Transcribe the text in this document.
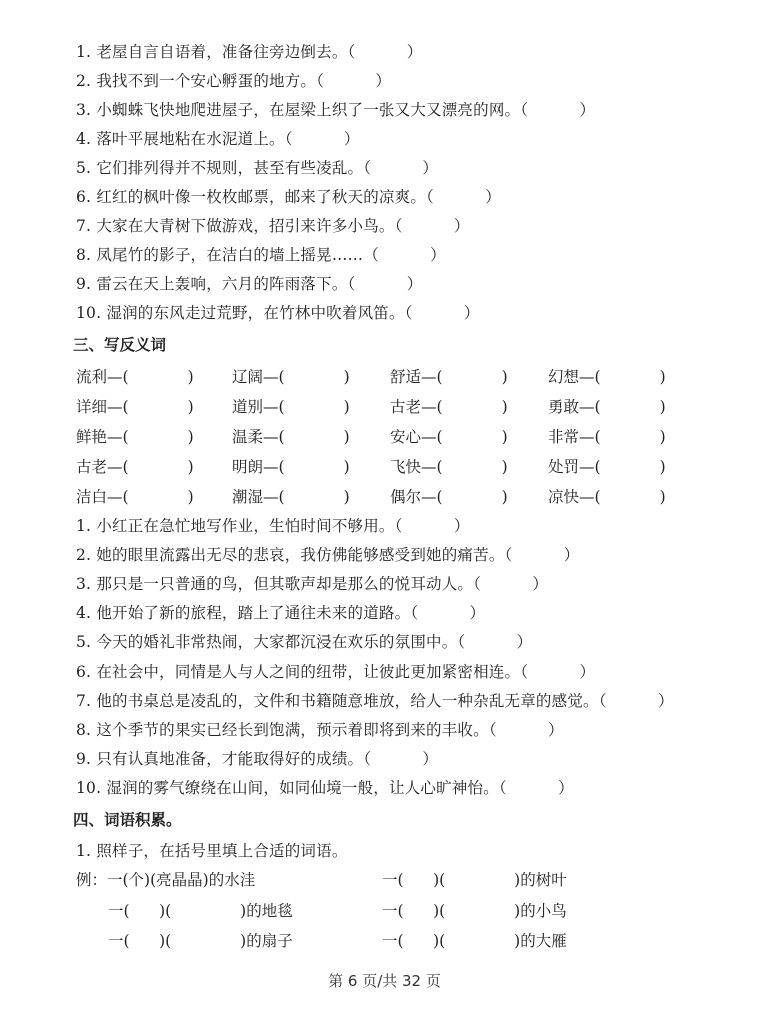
1. 老屋自言自语着，准备往旁边倒去。（          ）
2. 我找不到一个安心孵蛋的地方。（          ）
3. 小蜘蛛飞快地爬进屋子，在屋梁上织了一张又大又漂亮的网。（          ）
4. 落叶平展地粘在水泥道上。（          ）
5. 它们排列得并不规则，甚至有些凌乱。（          ）
6. 红红的枫叶像一枚枚邮票，邮来了秋天的凉爽。（          ）
7. 大家在大青树下做游戏，招引来许多小鸟。（          ）
8. 凤尾竹的影子，在洁白的墙上摇晃……（          ）
9. 雷云在天上轰响，六月的阵雨落下。（          ）
10. 湿润的东风走过荒野，在竹林中吹着风笛。（          ）
三、写反义词
流利—(            ) 辽阔—(            )	舒适—(            )	幻想—(            )
详细—(            ) 道别—(            )	古老—(            )	勇敢—(            )
鲜艳—(            ) 温柔—(            )	安心—(            )	非常—(            )
古老—(            ) 明朗—(            )	飞快—(            )	处罚—(            )
洁白—(            ) 潮湿—(            )	偶尔—(            )	凉快—(            )
1. 小红正在急忙地写作业，生怕时间不够用。（          ）
2. 她的眼里流露出无尽的悲哀，我仿佛能够感受到她的痛苦。（          ）
3. 那只是一只普通的鸟，但其歌声却是那么的悦耳动人。（          ）
4. 他开始了新的旅程，踏上了通往未来的道路。（          ）
5. 今天的婚礼非常热闹，大家都沉浸在欢乐的氛围中。（          ）
6. 在社会中，同情是人与人之间的纽带，让彼此更加紧密相连。（          ）
7. 他的书桌总是凌乱的，文件和书籍随意堆放，给人一种杂乱无章的感觉。（          ）
8. 这个季节的果实已经长到饱满，预示着即将到来的丰收。（          ）
9. 只有认真地准备，才能取得好的成绩。（          ）
10. 湿润的雾气缭绕在山间，如同仙境一般，让人心旷神怡。（          ）
四、词语积累。
1. 照样子，在括号里填上合适的词语。
例：一(个)(亮晶晶)的水洼	一(      )(              )的树叶
一(      )(              )的地毯	一(      )(              )的小鸟
一(      )(              )的扇子	一(      )(              )的大雁
第 6 页/共 32 页
